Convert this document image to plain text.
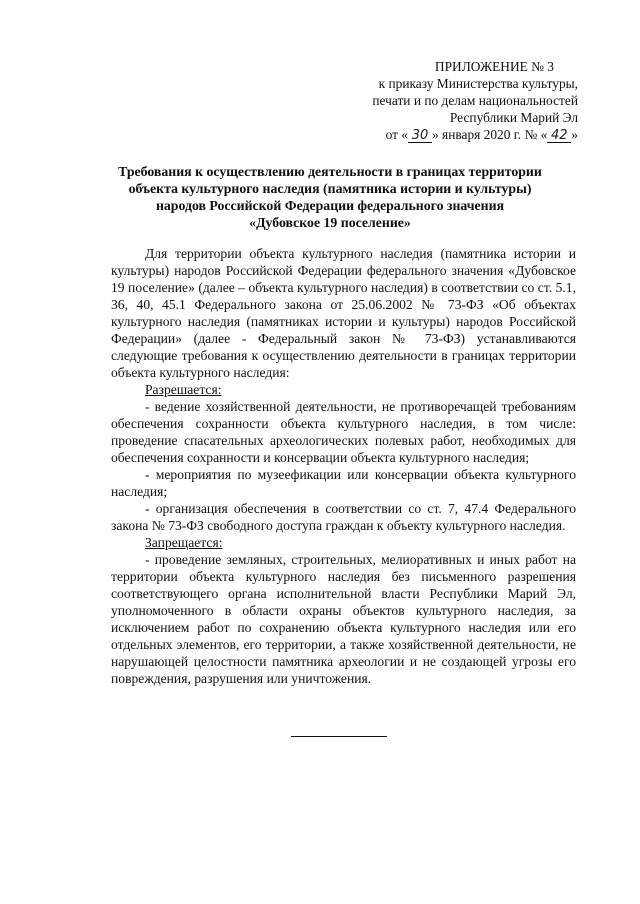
ПРИЛОЖЕНИЕ № 3
к приказу Министерства культуры,
печати и по делам национальностей
Республики Марий Эл
от « 30 » января 2020 г. № « 42 »
Требования к осуществлению деятельности в границах территории
объекта культурного наследия (памятника истории и культуры)
народов Российской Федерации федерального значения
«Дубовское 19 поселение»
Для территории объекта культурного наследия (памятника истории и культуры) народов Российской Федерации федерального значения «Дубовское 19 поселение» (далее – объекта культурного наследия) в соответствии со ст. 5.1, 36, 40, 45.1 Федерального закона от 25.06.2002 № 73-ФЗ «Об объектах культурного наследия (памятниках истории и культуры) народов Российской Федерации» (далее - Федеральный закон № 73-ФЗ) устанавливаются следующие требования к осуществлению деятельности в границах территории объекта культурного наследия:
Разрешается:
- ведение хозяйственной деятельности, не противоречащей требованиям обеспечения сохранности объекта культурного наследия, в том числе: проведение спасательных археологических полевых работ, необходимых для обеспечения сохранности и консервации объекта культурного наследия;
- мероприятия по музеефикации или консервации объекта культурного наследия;
- организация обеспечения в соответствии со ст. 7, 47.4 Федерального закона № 73-ФЗ свободного доступа граждан к объекту культурного наследия.
Запрещается:
- проведение земляных, строительных, мелиоративных и иных работ на территории объекта культурного наследия без письменного разрешения соответствующего органа исполнительной власти Республики Марий Эл, уполномоченного в области охраны объектов культурного наследия, за исключением работ по сохранению объекта культурного наследия или его отдельных элементов, его территории, а также хозяйственной деятельности, не нарушающей целостности памятника археологии и не создающей угрозы его повреждения, разрушения или уничтожения.
